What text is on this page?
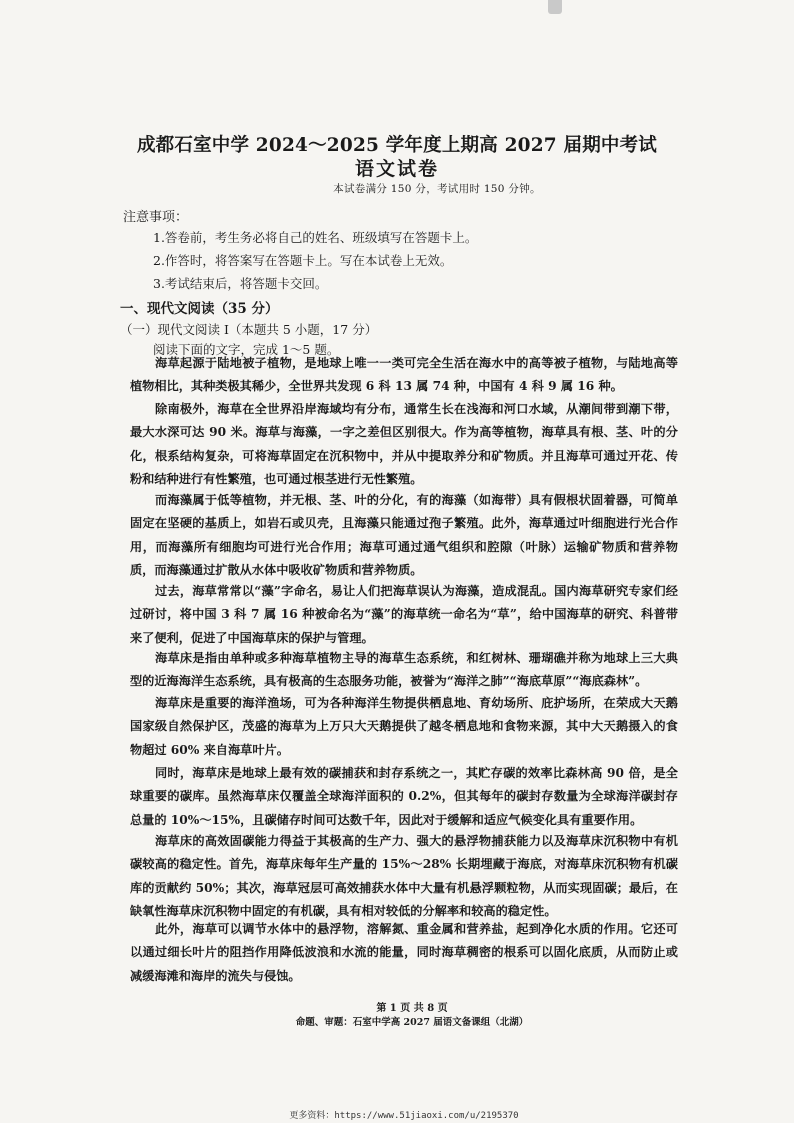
成都石室中学 2024～2025 学年度上期高 2027 届期中考试
语文试卷
本试卷满分 150 分，考试用时 150 分钟。
注意事项：
1.答卷前，考生务必将自己的姓名、班级填写在答题卡上。
2.作答时，将答案写在答题卡上。写在本试卷上无效。
3.考试结束后，将答题卡交回。
一、现代文阅读（35 分）
（一）现代文阅读 I（本题共 5 小题，17 分）
阅读下面的文字，完成 1～5 题。

海草起源于陆地被子植物，是地球上唯一一类可完全生活在海水中的高等被子植物，与陆地高等植物相比，其种类极其稀少，全世界共发现 6 科 13 属 74 种，中国有 4 科 9 属 16 种。

除南极外，海草在全世界沿岸海域均有分布，通常生长在浅海和河口水域，从潮间带到潮下带，最大水深可达 90 米。海草与海藻，一字之差但区别很大。作为高等植物，海草具有根、茎、叶的分化，根系结构复杂，可将海草固定在沉积物中，并从中提取养分和矿物质。并且海草可通过开花、传粉和结种进行有性繁殖，也可通过根茎进行无性繁殖。

而海藻属于低等植物，并无根、茎、叶的分化，有的海藻（如海带）具有假根状固着器，可简单固定在坚硬的基质上，如岩石或贝壳，且海藻只能通过孢子繁殖。此外，海草通过叶细胞进行光合作用，而海藻所有细胞均可进行光合作用；海草可通过通气组织和腔隙（叶脉）运输矿物质和营养物质，而海藻通过扩散从水体中吸收矿物质和营养物质。

过去，海草常常以“藻”字命名，易让人们把海草误认为海藻，造成混乱。国内海草研究专家们经过研讨，将中国 3 科 7 属 16 种被命名为“藻”的海草统一命名为“草”，给中国海草的研究、科普带来了便利，促进了中国海草床的保护与管理。

海草床是指由单种或多种海草植物主导的海草生态系统，和红树林、珊瑚礁并称为地球上三大典型的近海海洋生态系统，具有极高的生态服务功能，被誉为“海洋之肺”“海底草原”“海底森林”。

海草床是重要的海洋渔场，可为各种海洋生物提供栖息地、育幼场所、庇护场所，在荣成大天鹅国家级自然保护区，茂盛的海草为上万只大天鹅提供了越冬栖息地和食物来源，其中大天鹅摄入的食物超过 60% 来自海草叶片。

同时，海草床是地球上最有效的碳捕获和封存系统之一，其贮存碳的效率比森林高 90 倍，是全球重要的碳库。虽然海草床仅覆盖全球海洋面积的 0.2%，但其每年的碳封存数量为全球海洋碳封存总量的 10%～15%，且碳储存时间可达数千年，因此对于缓解和适应气候变化具有重要作用。

海草床的高效固碳能力得益于其极高的生产力、强大的悬浮物捕获能力以及海草床沉积物中有机碳较高的稳定性。首先，海草床每年生产量的 15%～28% 长期埋藏于海底，对海草床沉积物有机碳库的贡献约 50%；其次，海草冠层可高效捕获水体中大量有机悬浮颗粒物，从而实现固碳；最后，在缺氧性海草床沉积物中固定的有机碳，具有相对较低的分解率和较高的稳定性。

此外，海草可以调节水体中的悬浮物，溶解氮、重金属和营养盐，起到净化水质的作用。它还可以通过细长叶片的阻挡作用降低波浪和水流的能量，同时海草稠密的根系可以固化底质，从而防止或减缓海滩和海岸的流失与侵蚀。

第 1 页 共 8 页
命题、审题：石室中学高 2027 届语文备课组（北湖）
更多资料：https://www.51jiaoxi.com/u/2195370
